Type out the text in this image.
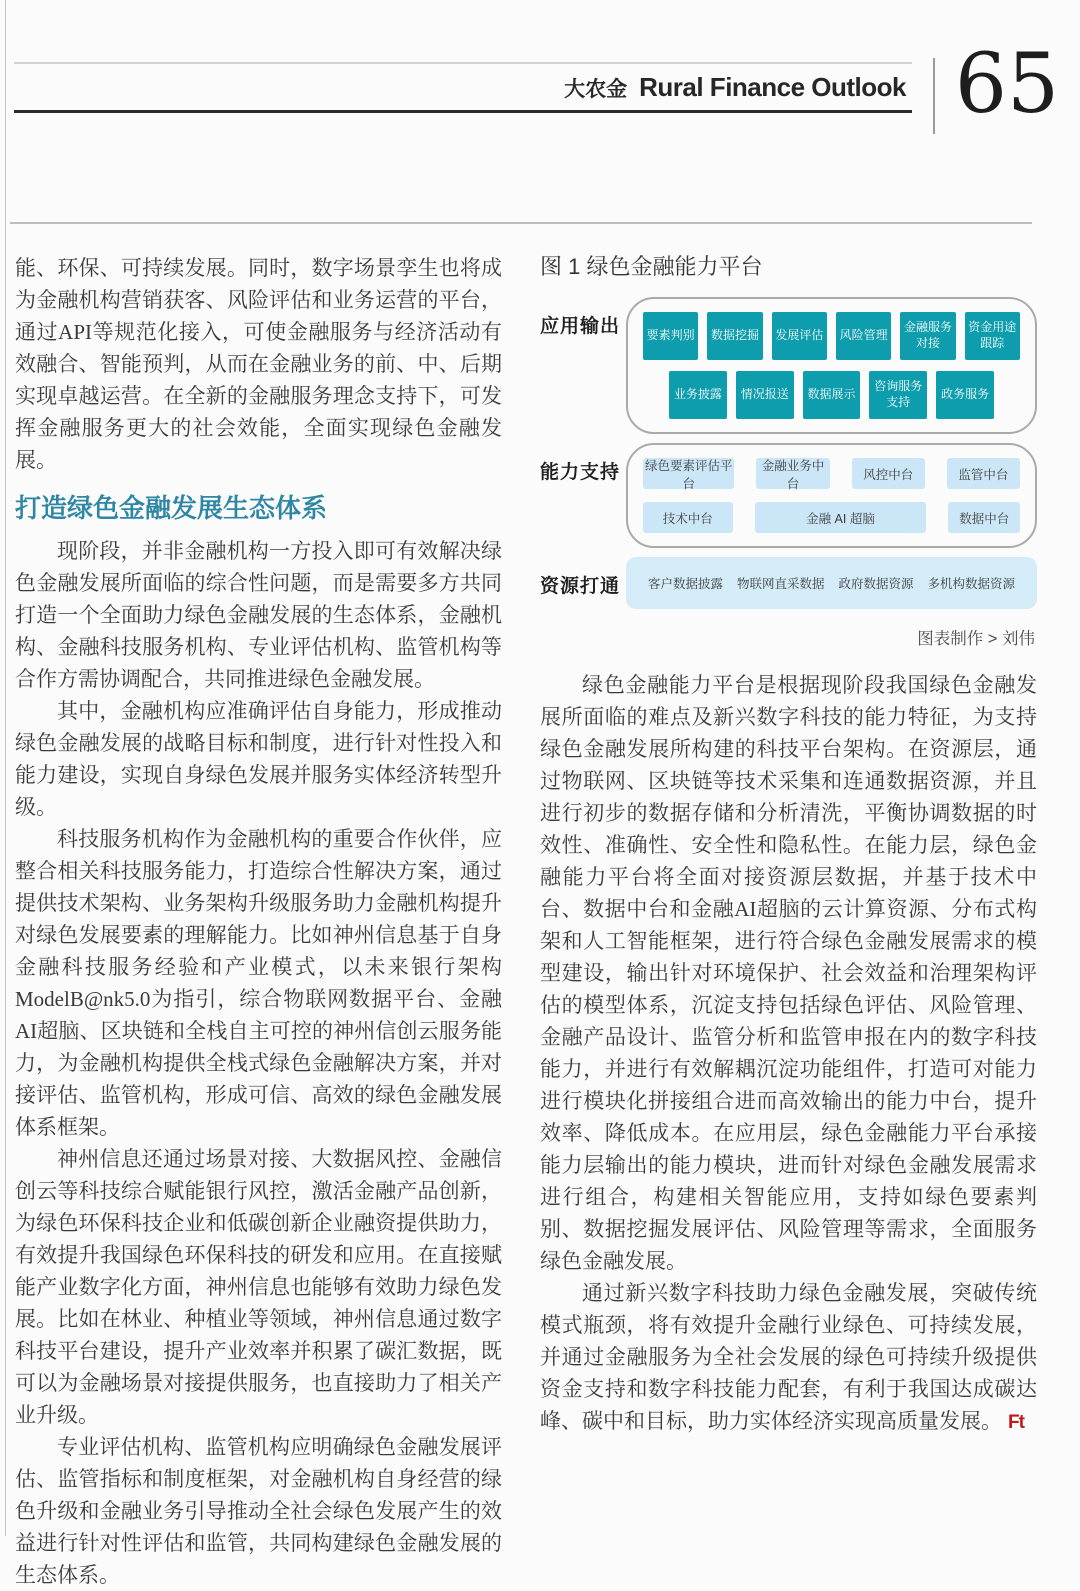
大农金 Rural Finance Outlook 65

能、环保、可持续发展。同时，数字场景孪生也将成为金融机构营销获客、风险评估和业务运营的平台，通过API等规范化接入，可使金融服务与经济活动有效融合、智能预判，从而在金融业务的前、中、后期实现卓越运营。在全新的金融服务理念支持下，可发挥金融服务更大的社会效能，全面实现绿色金融发展。

打造绿色金融发展生态体系

现阶段，并非金融机构一方投入即可有效解决绿色金融发展所面临的综合性问题，而是需要多方共同打造一个全面助力绿色金融发展的生态体系，金融机构、金融科技服务机构、专业评估机构、监管机构等合作方需协调配合，共同推进绿色金融发展。

其中，金融机构应准确评估自身能力，形成推动绿色金融发展的战略目标和制度，进行针对性投入和能力建设，实现自身绿色发展并服务实体经济转型升级。

科技服务机构作为金融机构的重要合作伙伴，应整合相关科技服务能力，打造综合性解决方案，通过提供技术架构、业务架构升级服务助力金融机构提升对绿色发展要素的理解能力。比如神州信息基于自身金融科技服务经验和产业模式，以未来银行架构ModelB@nk5.0为指引，综合物联网数据平台、金融AI超脑、区块链和全栈自主可控的神州信创云服务能力，为金融机构提供全栈式绿色金融解决方案，并对接评估、监管机构，形成可信、高效的绿色金融发展体系框架。

神州信息还通过场景对接、大数据风控、金融信创云等科技综合赋能银行风控，激活金融产品创新，为绿色环保科技企业和低碳创新企业融资提供助力，有效提升我国绿色环保科技的研发和应用。在直接赋能产业数字化方面，神州信息也能够有效助力绿色发展。比如在林业、种植业等领域，神州信息通过数字科技平台建设，提升产业效率并积累了碳汇数据，既可以为金融场景对接提供服务，也直接助力了相关产业升级。

专业评估机构、监管机构应明确绿色金融发展评估、监管指标和制度框架，对金融机构自身经营的绿色升级和金融业务引导推动全社会绿色发展产生的效益进行针对性评估和监管，共同构建绿色金融发展的生态体系。

图 1 绿色金融能力平台
应用输出	要素判别	数据挖掘	发展评估	风险管理
金融服务对接
资金用途跟踪
业务披露	情况报送	数据展示
咨询服务支持
政务服务
能力支持	绿色要素评估平台
金融业务中台
风控中台	监管中台
技术中台	金融 AI 超脑	数据中台
资源打通	客户数据披露 物联网直采数据 政府数据资源 多机构数据资源
图表制作 > 刘伟

绿色金融能力平台是根据现阶段我国绿色金融发展所面临的难点及新兴数字科技的能力特征，为支持绿色金融发展所构建的科技平台架构。在资源层，通过物联网、区块链等技术采集和连通数据资源，并且进行初步的数据存储和分析清洗，平衡协调数据的时效性、准确性、安全性和隐私性。在能力层，绿色金融能力平台将全面对接资源层数据，并基于技术中台、数据中台和金融AI超脑的云计算资源、分布式构架和人工智能框架，进行符合绿色金融发展需求的模型建设，输出针对环境保护、社会效益和治理架构评估的模型体系，沉淀支持包括绿色评估、风险管理、金融产品设计、监管分析和监管申报在内的数字科技能力，并进行有效解耦沉淀功能组件，打造可对能力进行模块化拼接组合进而高效输出的能力中台，提升效率、降低成本。在应用层，绿色金融能力平台承接能力层输出的能力模块，进而针对绿色金融发展需求进行组合，构建相关智能应用，支持如绿色要素判别、数据挖掘发展评估、风险管理等需求，全面服务绿色金融发展。

通过新兴数字科技助力绿色金融发展，突破传统模式瓶颈，将有效提升金融行业绿色、可持续发展，并通过金融服务为全社会发展的绿色可持续升级提供资金支持和数字科技能力配套，有利于我国达成碳达峰、碳中和目标，助力实体经济实现高质量发展。 Ft
